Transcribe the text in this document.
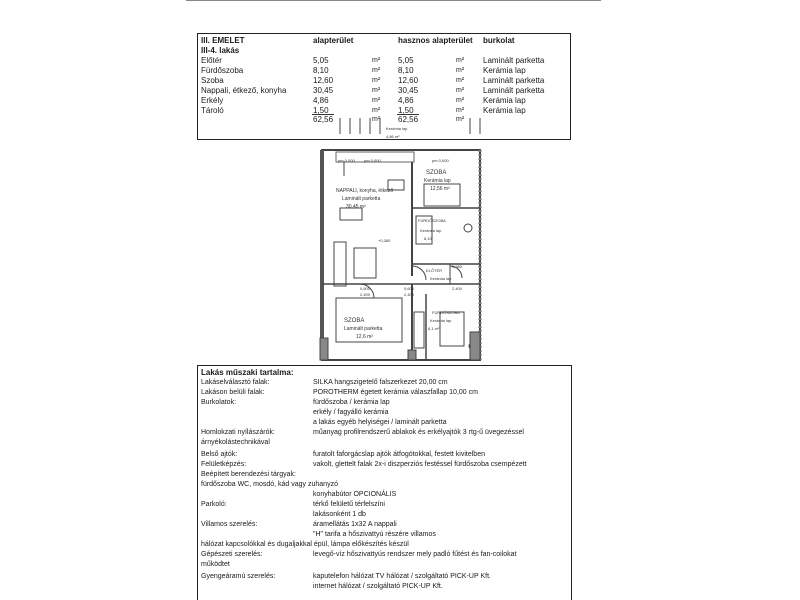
III. EMELET	alapterület	hasznos alapterület burkolat
III-4. lakás
Előtér	5,05	m² 5,05	m² Laminált parketta
Fürdőszoba	8,10	m² 8,10	m² Kerámia lap
Szoba	12,60	m² 12,60	m² Laminált parketta
Nappali, étkező, konyha	30,45	m² 30,45	m² Laminált parketta
Erkély	4,86	m² 4,86	m² Kerámia lap
Tároló	1,50	m² 1,50	m² Kerámia lap
62,56	m² 62,56	m²
Kerámia lap
4,86 m²
pm 0,000 pm 0,000	pm 0,000
SZOBA
Kerámia lap
12,56 m²
NAPPALI, konyha, étkező
Laminált parketta
30,45 m²
FÜRDŐSZOBA
Kerámia lap
8,10
+0,380
ELŐTÉR
Kerámia lap
0,380
0,600
2,400
0,600
2,400
2,400
SZOBA
Laminált parketta
12,6 m²
FÜRDŐSZOBA
Kerámia lap
8,1 m²
Lakás műszaki tartalma:
Lakáselválasztó falak:	SILKA hangszigetelő falszerkezet 20,00 cm
Lakáson belüli falak:	POROTHERM égetett kerámia válaszfallap 10,00 cm
Burkolatok:	fürdőszoba / kerámia lap
erkély / fagyálló kerámia
a lakás egyéb helyiségei / laminált parketta
Homlokzati nyílászárók:	műanyag profilrendszerű ablakok és erkélyajtók 3 rtg-ű üvegezéssel
árnyékolástechnikával
Belső ajtók:	furatolt faforgácslap ajtók átfogótokkal, festett kivitelben
Felületképzés:	vakolt, glettelt falak 2x-i diszperziós festéssel fürdőszoba csempézett
Beépített berendezési tárgyak:
fürdőszoba WC, mosdó, kád vagy zuhanyzó
konyhabútor OPCIONÁLIS
Parkoló:	térkő felületű térfelszíni
lakásonként 1 db
Villamos szerelés:	áramellátás 1x32 A nappali
"H" tarifa a hőszivattyú részére villamos
hálózat kapcsolókkal és dugaljakkal épül, lámpa előkészítés készül
Gépészeti szerelés:	levegő-víz hőszivattyús rendszer mely padló fűtést és fan-coilokat
működtet
Gyengeáramú szerelés:	kaputelefon hálózat TV hálózat / szolgáltató PICK-UP Kft.
internet hálózat / szolgáltató PICK-UP Kft.
